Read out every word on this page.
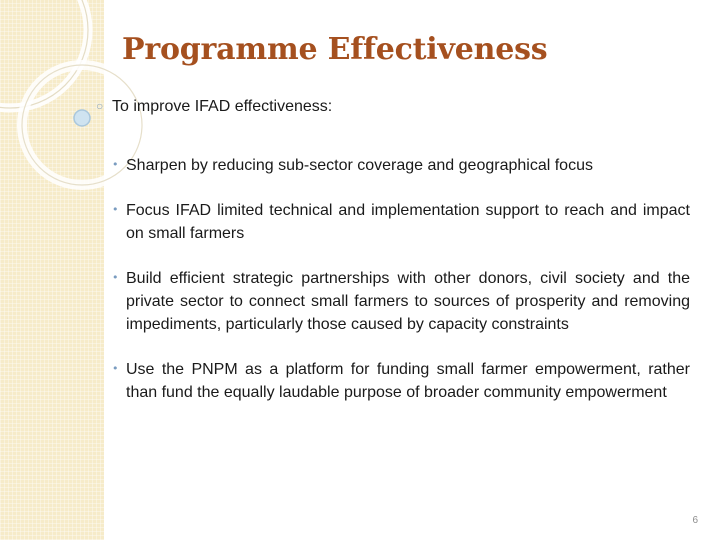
Programme Effectiveness
○ To improve IFAD effectiveness:
• Sharpen by reducing sub-sector coverage and geographical focus
• Focus IFAD limited technical and implementation support to reach and impact on small farmers
• Build efficient strategic partnerships with other donors, civil society and the private sector to connect small farmers to sources of prosperity and removing impediments, particularly those caused by capacity constraints
• Use the PNPM as a platform for funding small farmer empowerment, rather than fund the equally laudable purpose of broader community empowerment
6
